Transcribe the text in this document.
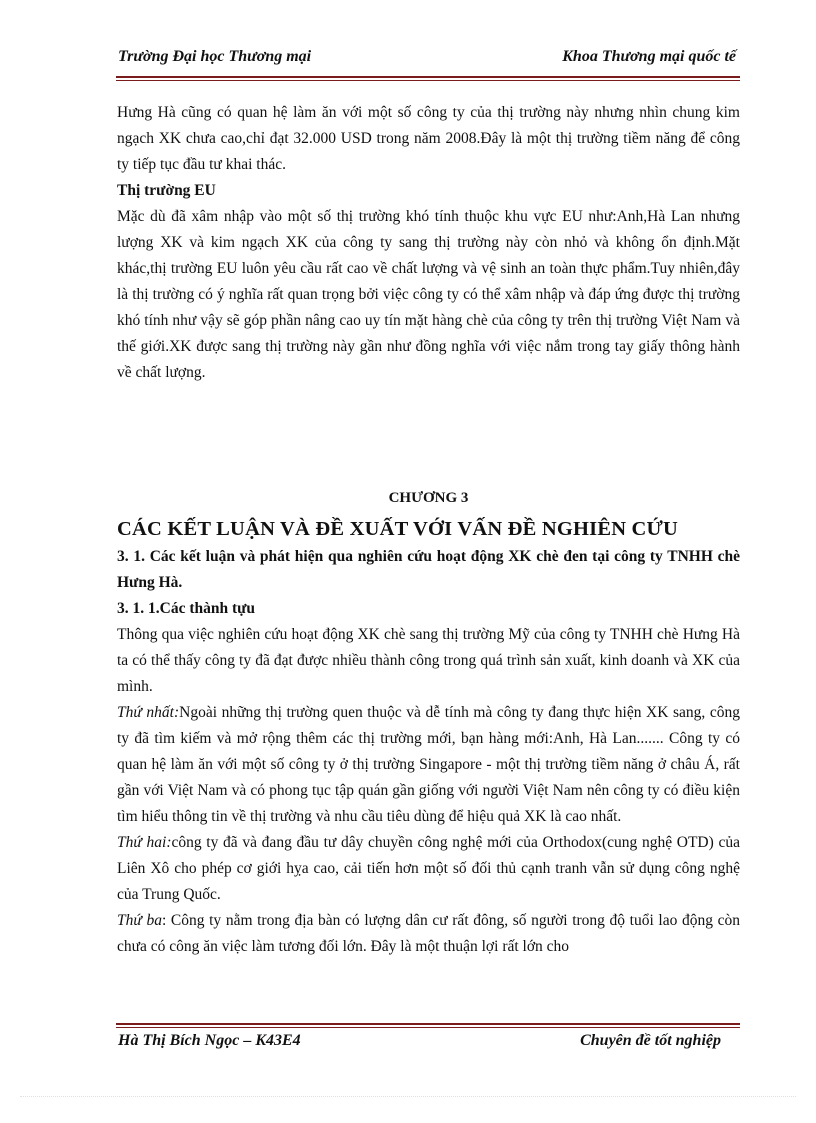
Trường Đại học Thương mại	Khoa Thương mại quốc tế

Hưng Hà cũng có quan hệ làm ăn với một số công ty của thị trường này nhưng nhìn chung kim ngạch XK chưa cao,chỉ đạt 32.000 USD trong năm 2008.Đây là một thị trường tiềm năng để công ty tiếp tục đầu tư khai thác.

Thị trường EU

Mặc dù đã xâm nhập vào một số thị trường khó tính thuộc khu vực EU như:Anh,Hà Lan nhưng lượng XK và kim ngạch XK của công ty sang thị trường này còn nhỏ và không ổn định.Mặt khác,thị trường EU luôn yêu cầu rất cao về chất lượng và vệ sinh an toàn thực phẩm.Tuy nhiên,đây là thị trường có ý nghĩa rất quan trọng bởi việc công ty có thể xâm nhập và đáp ứng được thị trường khó tính như vậy sẽ góp phần nâng cao uy tín mặt hàng chè của công ty trên thị trường Việt Nam và thế giới.XK được sang thị trường này gần như đồng nghĩa với việc nắm trong tay giấy thông hành về chất lượng.

CHƯƠNG 3

CÁC KẾT LUẬN VÀ ĐỀ XUẤT VỚI VẤN ĐỀ NGHIÊN CỨU

3. 1. Các kết luận và phát hiện qua nghiên cứu hoạt động XK chè đen tại công ty TNHH chè Hưng Hà.

3. 1. 1.Các thành tựu

Thông qua việc nghiên cứu hoạt động XK chè sang thị trường Mỹ của công ty TNHH chè Hưng Hà ta có thể thấy công ty đã đạt được nhiều thành công trong quá trình sản xuất, kinh doanh và XK của mình.

Thứ nhất:Ngoài những thị trường quen thuộc và dễ tính mà công ty đang thực hiện XK sang, công ty đã tìm kiếm và mở rộng thêm các thị trường mới, bạn hàng mới:Anh, Hà Lan....... Công ty có quan hệ làm ăn với một số công ty ở thị trường Singapore - một thị trường tiềm năng ở châu Á, rất gần với Việt Nam và có phong tục tập quán gần giống với người Việt Nam nên công ty có điều kiện tìm hiểu thông tin về thị trường và nhu cầu tiêu dùng để hiệu quả XK là cao nhất.

Thứ hai:công ty đã và đang đầu tư dây chuyền công nghệ mới của Orthodox(cung nghệ OTD) của Liên Xô cho phép cơ giới hỵa cao, cải tiến hơn một số đối thủ cạnh tranh vẫn sử dụng công nghệ của Trung Quốc.

Thứ ba: Công ty nằm trong địa bàn có lượng dân cư rất đông, số người trong độ tuổi lao động còn chưa có công ăn việc làm tương đối lớn. Đây là một thuận lợi rất lớn cho

Hà Thị Bích Ngọc – K43E4	Chuyên đề tốt nghiệp
